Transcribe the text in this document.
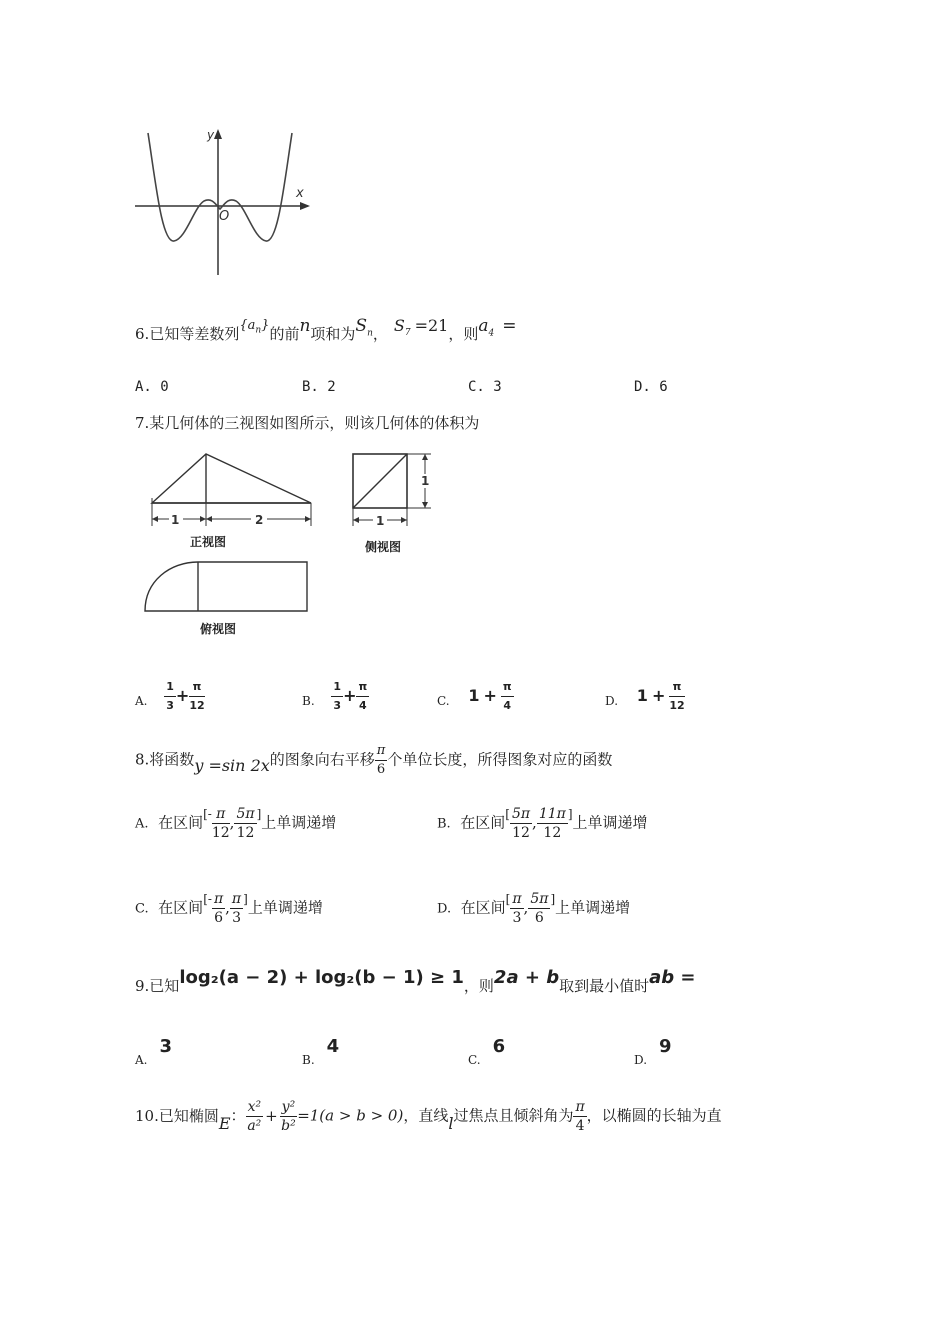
x
y
O
6.已知等差数列$\{a_n\}$的前n项和为$S_n$， $S_7 =21$，则$a_4$ =
A. 0	B. 2	C. 3	D. 6
7.某几何体的三视图如图所示，则该几何体的体积为
1	2
正视图
1
1
侧视图
俯视图
$_{A.} \frac{1}{3} + \frac{\pi}{12}$	$_{B.} \frac{1}{3} + \frac{\pi}{4}$	$_{C.}$ $1 + \frac{\pi}{4}$	$_{D.}$ $1 + \frac{\pi}{12}$
8.将函数y =sin 2x的图象向右平移 $\frac{\pi}{6}$ 个单位长度，所得图象对应的函数
A. 在区间$^{[-} \frac{\pi}{12}$ , $\frac{5\pi}{12} ^]$上单调递增	B. 在区间$^[ \frac{5\pi}{12}$ , $\frac{11\pi}{12} ^]$上单调递增
C. 在区间$^{[-} \frac{\pi}{6}$ , $\frac{\pi}{3} ^]$上单调递增	D. 在区间$^[ \frac{\pi}{3}$ , $\frac{5\pi}{6} ^]$上单调递增
9.已知log₂(a − 2) + log₂(b − 1) ≥ 1，则2a + b取到最小值时ab =
$_{A.}$3
$_{B.}$4
$_{C.}$6
$_{D.}$9
10.已知椭圆E： $\frac{\text{x²}}{\text{a²}} + \frac{\text{y²}}{\text{b²}} =1(a > b > 0)$，直线l过焦点且倾斜角为 $\frac{\pi}{4}$ ，以椭圆的长轴为直
